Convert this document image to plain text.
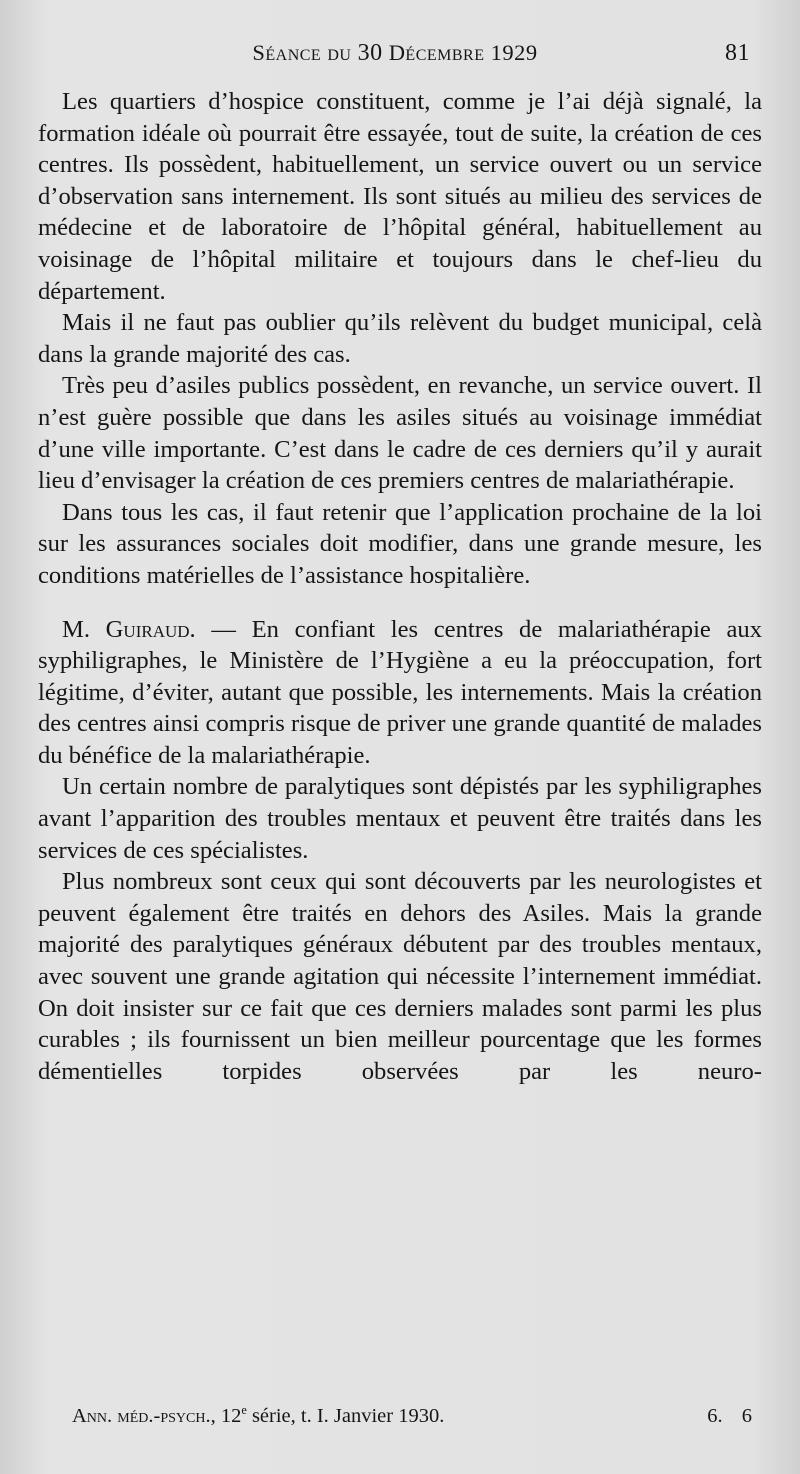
Séance du 30 Décembre 1929	81

Les quartiers d’hospice constituent, comme je l’ai déjà signalé, la formation idéale où pourrait être essayée, tout de suite, la création de ces centres. Ils possèdent, habituellement, un service ouvert ou un service d’observation sans internement. Ils sont situés au milieu des services de médecine et de laboratoire de l’hôpital général, habituellement au voisinage de l’hôpital militaire et toujours dans le chef-lieu du département.

Mais il ne faut pas oublier qu’ils relèvent du budget municipal, celà dans la grande majorité des cas.

Très peu d’asiles publics possèdent, en revanche, un service ouvert. Il n’est guère possible que dans les asiles situés au voisinage immédiat d’une ville importante. C’est dans le cadre de ces derniers qu’il y aurait lieu d’envisager la création de ces premiers centres de malariathérapie.

Dans tous les cas, il faut retenir que l’application prochaine de la loi sur les assurances sociales doit modifier, dans une grande mesure, les conditions matérielles de l’assistance hospitalière.

M. Guiraud. — En confiant les centres de malariathérapie aux syphiligraphes, le Ministère de l’Hygiène a eu la préoccupation, fort légitime, d’éviter, autant que possible, les internements. Mais la création des centres ainsi compris risque de priver une grande quantité de malades du bénéfice de la malariathérapie.

Un certain nombre de paralytiques sont dépistés par les syphiligraphes avant l’apparition des troubles mentaux et peuvent être traités dans les services de ces spécialistes.

Plus nombreux sont ceux qui sont découverts par les neurologistes et peuvent également être traités en dehors des Asiles. Mais la grande majorité des paralytiques généraux débutent par des troubles mentaux, avec souvent une grande agitation qui nécessite l’internement immédiat. On doit insister sur ce fait que ces derniers malades sont parmi les plus curables ; ils fournissent un bien meilleur pourcentage que les formes démentielles torpides observées par les neuro-

Ann. méd.-psych., 12e série, t. I. Janvier 1930.	6. 6
